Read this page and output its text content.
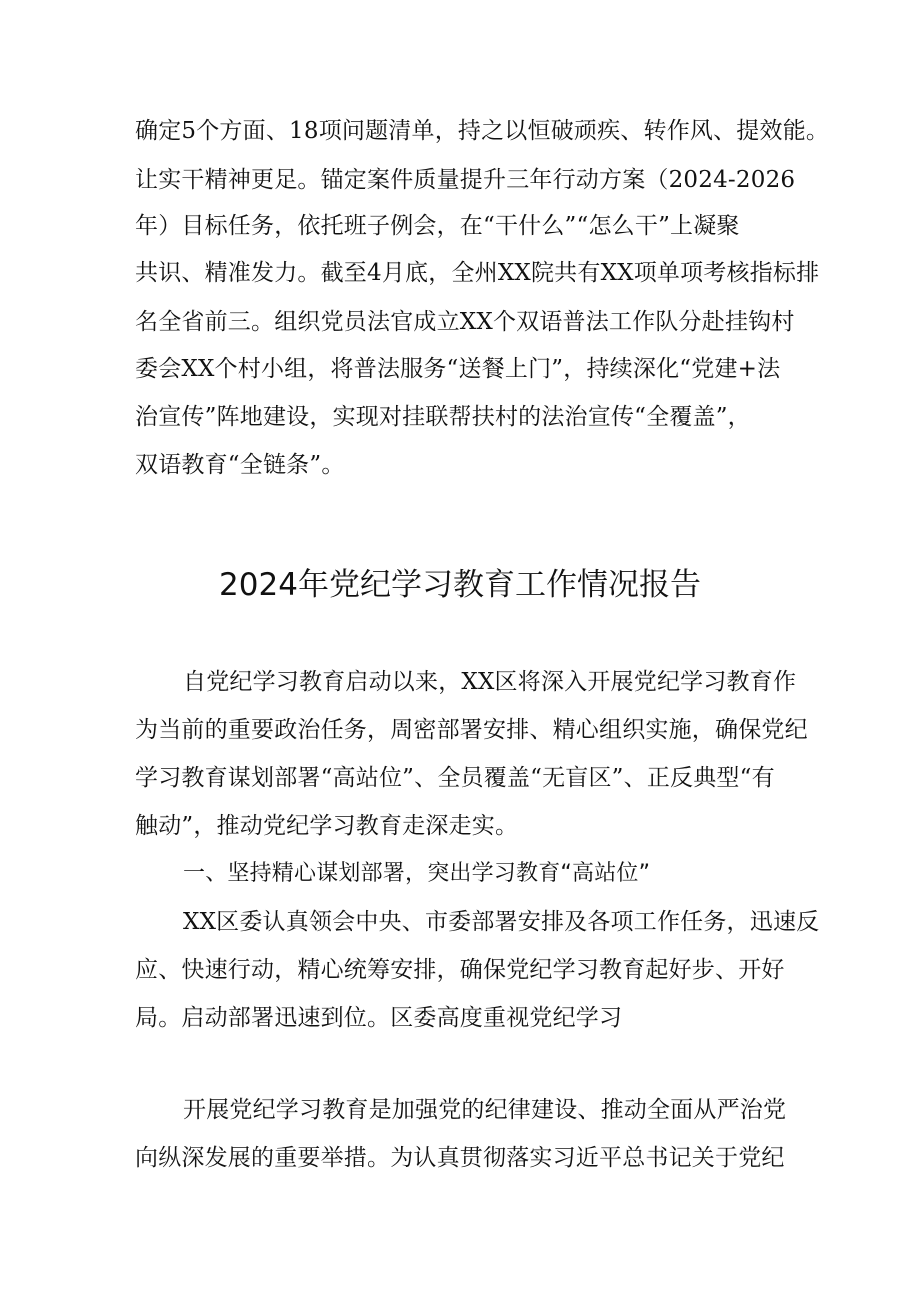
确定5个方面、18项问题清单，持之以恒破顽疾、转作风、提效能。
让实干精神更足。锚定案件质量提升三年行动方案（2024-2026
年）目标任务，依托班子例会，在“干什么”“怎么干”上凝聚
共识、精准发力。截至4月底，全州XX院共有XX项单项考核指标排
名全省前三。组织党员法官成立XX个双语普法工作队分赴挂钩村
委会XX个村小组，将普法服务“送餐上门”，持续深化“党建+法
治宣传”阵地建设，实现对挂联帮扶村的法治宣传“全覆盖”，
双语教育“全链条”。
2024年党纪学习教育工作情况报告
自党纪学习教育启动以来，XX区将深入开展党纪学习教育作
为当前的重要政治任务，周密部署安排、精心组织实施，确保党纪
学习教育谋划部署“高站位”、全员覆盖“无盲区”、正反典型“有
触动”，推动党纪学习教育走深走实。
一、坚持精心谋划部署，突出学习教育“高站位”
XX区委认真领会中央、市委部署安排及各项工作任务，迅速反
应、快速行动，精心统筹安排，确保党纪学习教育起好步、开好
局。启动部署迅速到位。区委高度重视党纪学习
开展党纪学习教育是加强党的纪律建设、推动全面从严治党
向纵深发展的重要举措。为认真贯彻落实习近平总书记关于党纪
